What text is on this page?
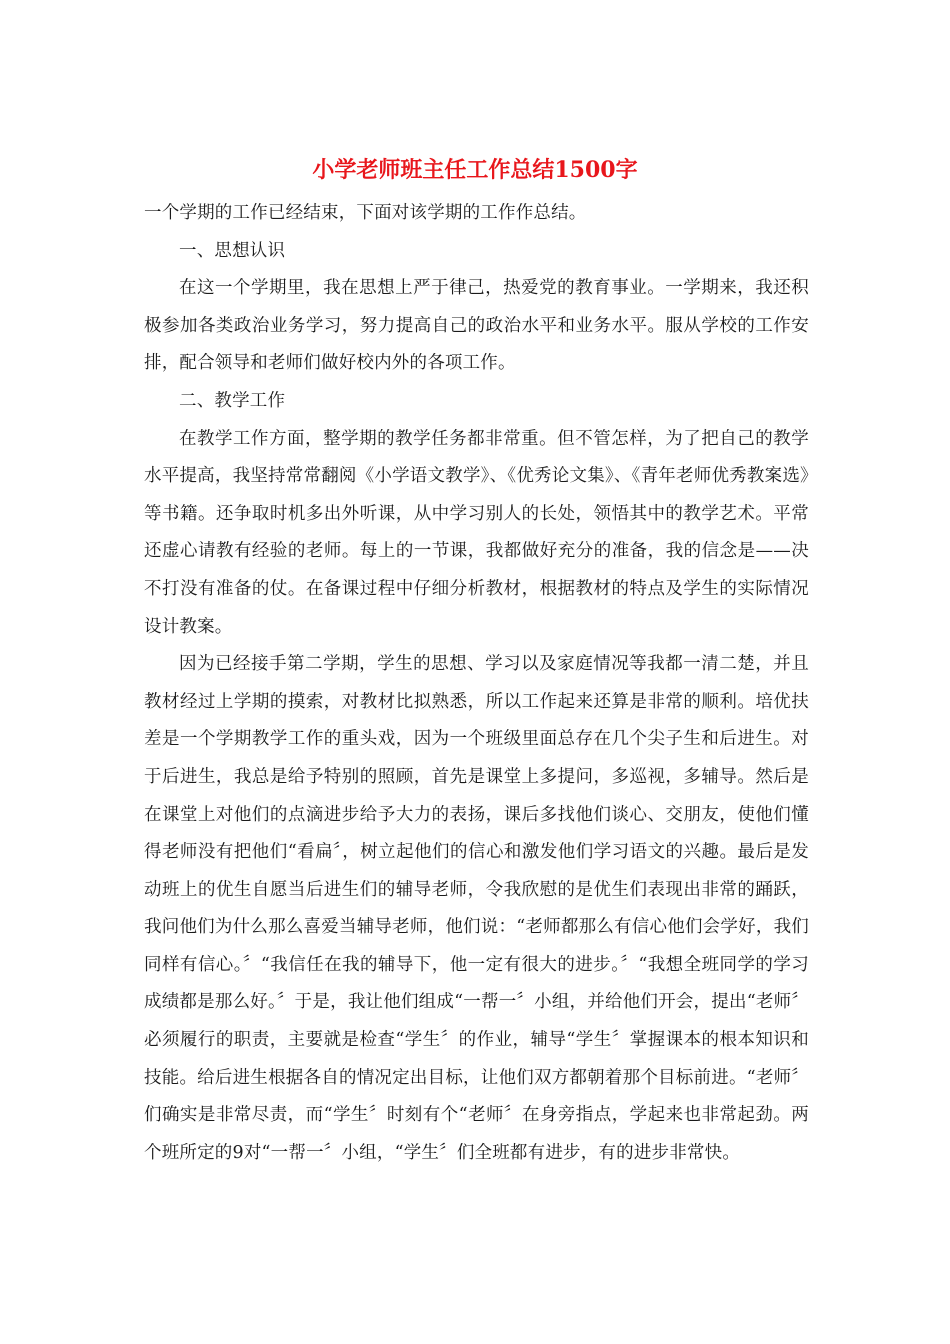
小学老师班主任工作总结1500字

一个学期的工作已经结束，下面对该学期的工作作总结。

一、思想认识

在这一个学期里，我在思想上严于律己，热爱党的教育事业。一学期来，我还积极参加各类政治业务学习，努力提高自己的政治水平和业务水平。服从学校的工作安排，配合领导和老师们做好校内外的各项工作。

二、教学工作

在教学工作方面，整学期的教学任务都非常重。但不管怎样，为了把自己的教学水平提高，我坚持常常翻阅《小学语文教学》、《优秀论文集》、《青年老师优秀教案选》等书籍。还争取时机多出外听课，从中学习别人的长处，领悟其中的教学艺术。平常还虚心请教有经验的老师。每上的一节课，我都做好充分的准备，我的信念是——决不打没有准备的仗。在备课过程中仔细分析教材，根据教材的特点及学生的实际情况设计教案。

因为已经接手第二学期，学生的思想、学习以及家庭情况等我都一清二楚，并且教材经过上学期的摸索，对教材比拟熟悉，所以工作起来还算是非常的顺利。培优扶差是一个学期教学工作的重头戏，因为一个班级里面总存在几个尖子生和后进生。对于后进生，我总是给予特别的照顾，首先是课堂上多提问，多巡视，多辅导。然后是在课堂上对他们的点滴进步给予大力的表扬，课后多找他们谈心、交朋友，使他们懂得老师没有把他们“看扁〞，树立起他们的信心和激发他们学习语文的兴趣。最后是发动班上的优生自愿当后进生们的辅导老师，令我欣慰的是优生们表现出非常的踊跃，我问他们为什么那么喜爱当辅导老师，他们说：“老师都那么有信心他们会学好，我们同样有信心。〞“我信任在我的辅导下，他一定有很大的进步。〞“我想全班同学的学习成绩都是那么好。〞于是，我让他们组成“一帮一〞小组，并给他们开会，提出“老师〞必须履行的职责，主要就是检查“学生〞的作业，辅导“学生〞掌握课本的根本知识和技能。给后进生根据各自的情况定出目标，让他们双方都朝着那个目标前进。“老师〞们确实是非常尽责，而“学生〞时刻有个“老师〞在身旁指点，学起来也非常起劲。两个班所定的9对“一帮一〞小组，“学生〞们全班都有进步，有的进步非常快。
